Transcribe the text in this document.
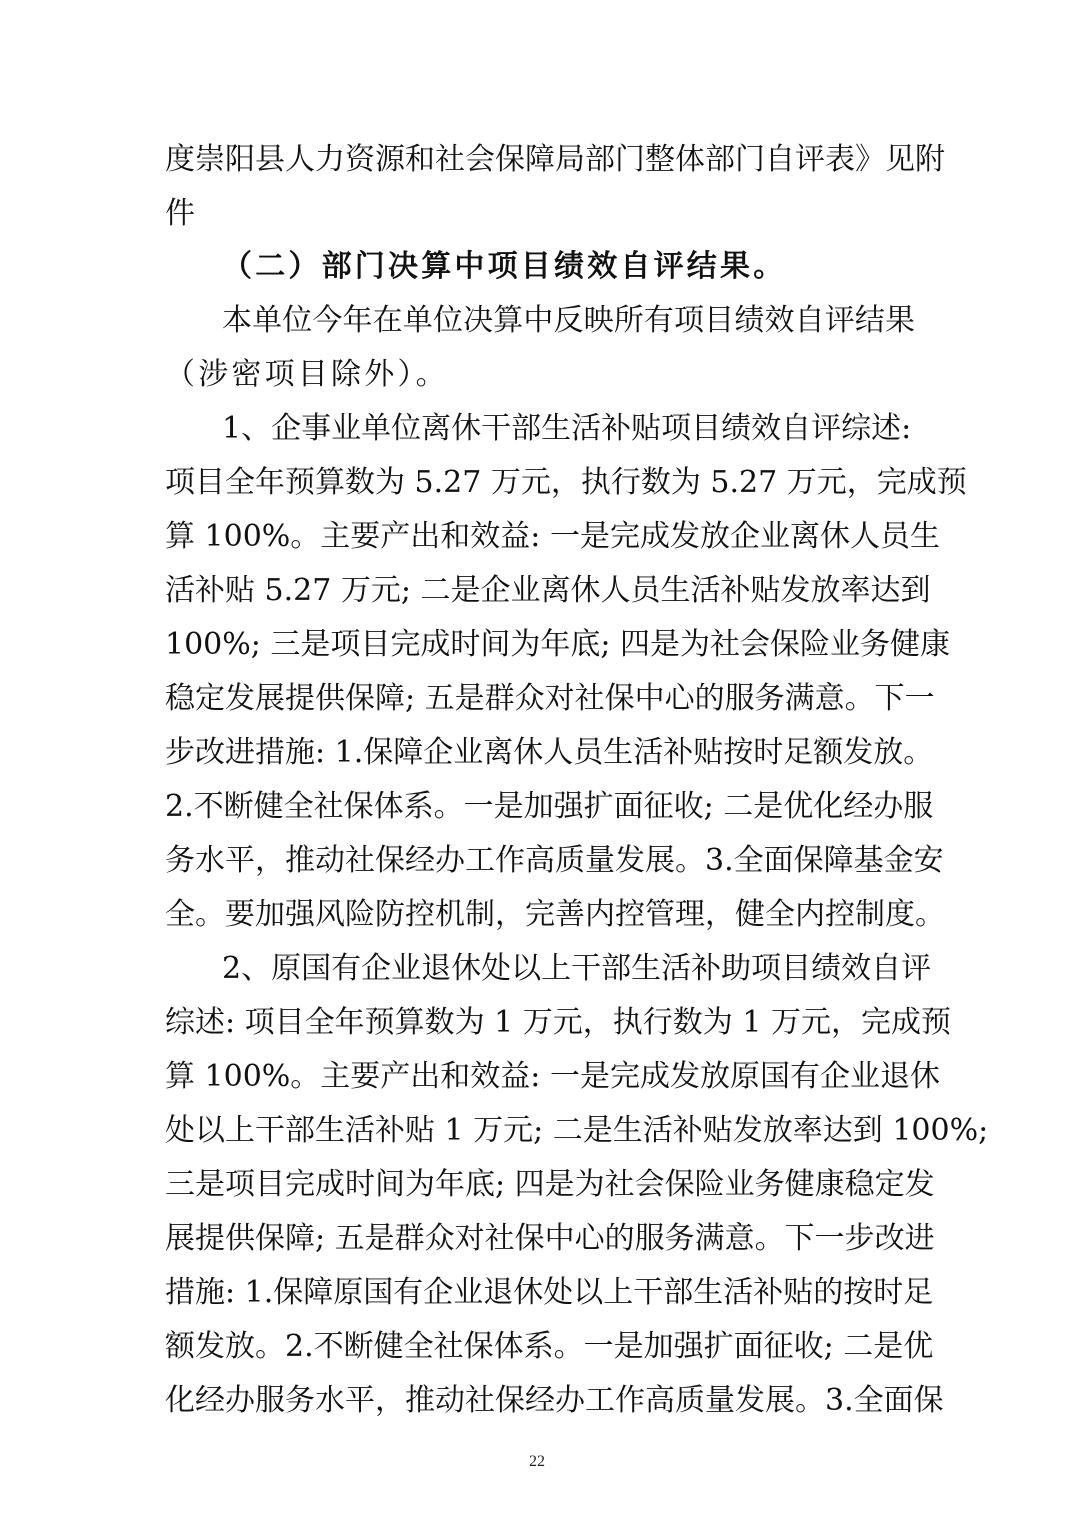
度崇阳县人力资源和社会保障局部门整体部门自评表》见附
件
（二）部门决算中项目绩效自评结果。
本单位今年在单位决算中反映所有项目绩效自评结果
（涉密项目除外）。
1、企事业单位离休干部生活补贴项目绩效自评综述:
项目全年预算数为 5.27 万元，执行数为 5.27 万元，完成预
算 100%。主要产出和效益: 一是完成发放企业离休人员生
活补贴 5.27 万元; 二是企业离休人员生活补贴发放率达到
100%; 三是项目完成时间为年底; 四是为社会保险业务健康
稳定发展提供保障; 五是群众对社保中心的服务满意。下一
步改进措施: 1.保障企业离休人员生活补贴按时足额发放。
2.不断健全社保体系。一是加强扩面征收; 二是优化经办服
务水平，推动社保经办工作高质量发展。3.全面保障基金安
全。要加强风险防控机制，完善内控管理，健全内控制度。
2、原国有企业退休处以上干部生活补助项目绩效自评
综述: 项目全年预算数为 1 万元，执行数为 1 万元，完成预
算 100%。主要产出和效益: 一是完成发放原国有企业退休
处以上干部生活补贴 1 万元; 二是生活补贴发放率达到 100%;
三是项目完成时间为年底; 四是为社会保险业务健康稳定发
展提供保障; 五是群众对社保中心的服务满意。下一步改进
措施: 1.保障原国有企业退休处以上干部生活补贴的按时足
额发放。2.不断健全社保体系。一是加强扩面征收; 二是优
化经办服务水平，推动社保经办工作高质量发展。3.全面保
22
